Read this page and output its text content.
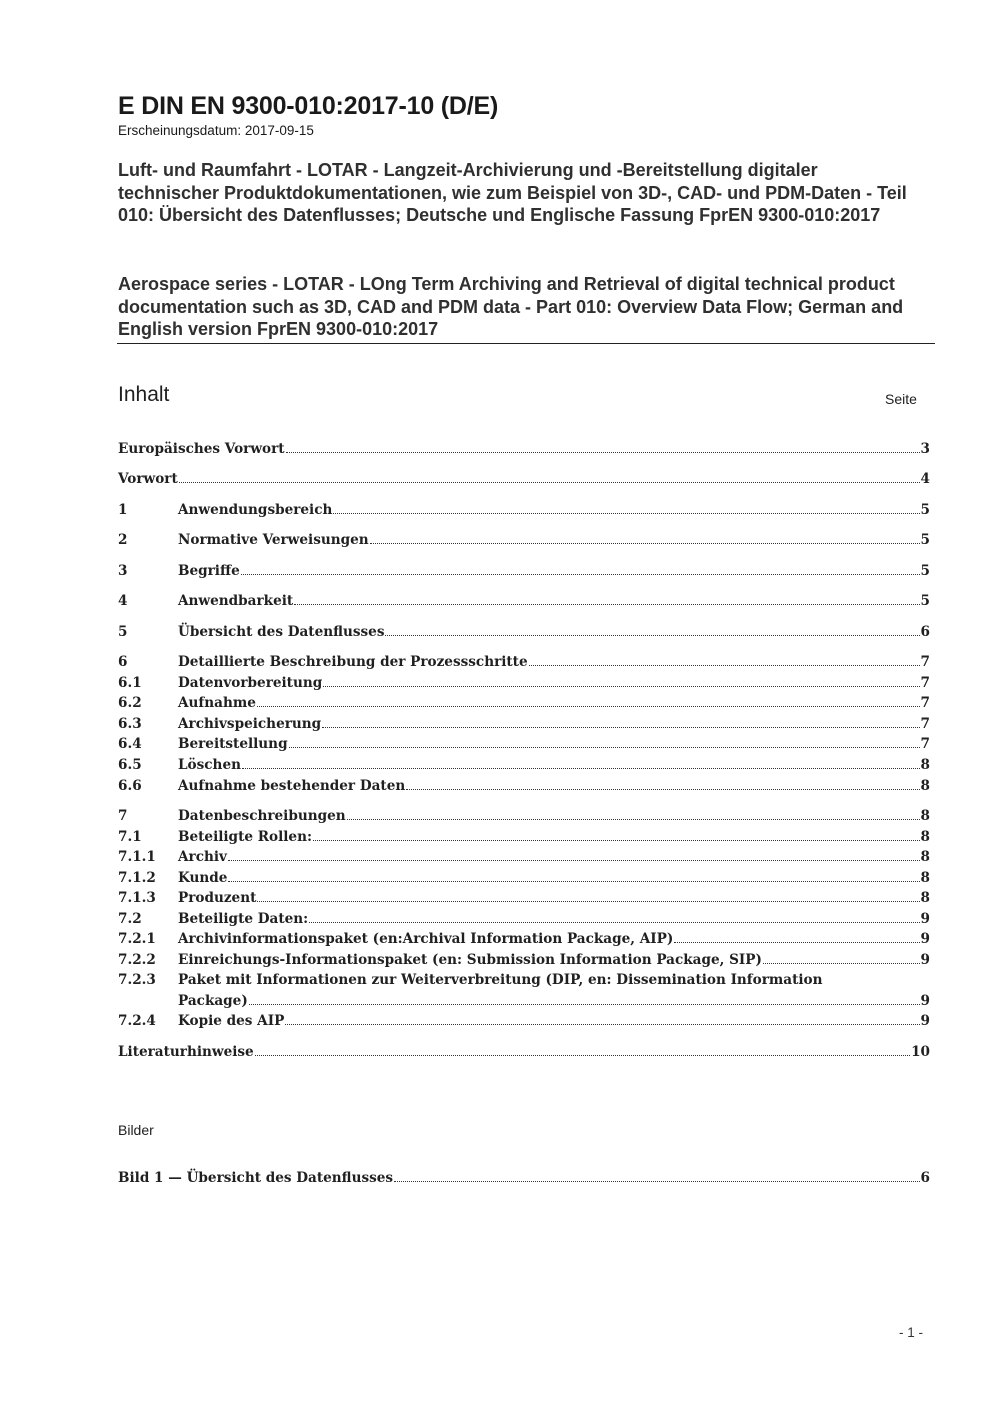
E DIN EN 9300-010:2017-10 (D/E)
Erscheinungsdatum: 2017-09-15
Luft- und Raumfahrt - LOTAR - Langzeit-Archivierung und -Bereitstellung digitaler technischer Produktdokumentationen, wie zum Beispiel von 3D-, CAD- und PDM-Daten - Teil 010: Übersicht des Datenflusses; Deutsche und Englische Fassung FprEN 9300-010:2017
Aerospace series - LOTAR - LOng Term Archiving and Retrieval of digital technical product documentation such as 3D, CAD and PDM data - Part 010: Overview Data Flow; German and English version FprEN 9300-010:2017
Inhalt	Seite
Europäisches Vorwort	3
Vorwort	4
1	Anwendungsbereich	5
2	Normative Verweisungen	5
3	Begriffe	5
4	Anwendbarkeit	5
5	Übersicht des Datenflusses	6
6	Detaillierte Beschreibung der Prozessschritte	7
6.1	Datenvorbereitung	7
6.2	Aufnahme	7
6.3	Archivspeicherung	7
6.4	Bereitstellung	7
6.5	Löschen	8
6.6	Aufnahme bestehender Daten	8
7	Datenbeschreibungen	8
7.1	Beteiligte Rollen:	8
7.1.1 Archiv	8
7.1.2 Kunde	8
7.1.3 Produzent	8
7.2	Beteiligte Daten:	9
7.2.1 Archivinformationspaket (en:Archival Information Package, AIP)	9
7.2.2 Einreichungs-Informationspaket (en: Submission Information Package, SIP)	9
7.2.3 Paket mit Informationen zur Weiterverbreitung (DIP, en: Dissemination Information
Package)	9
7.2.4 Kopie des AIP	9
Literaturhinweise	10
Bilder
Bild 1 — Übersicht des Datenflusses	6
- 1 -
